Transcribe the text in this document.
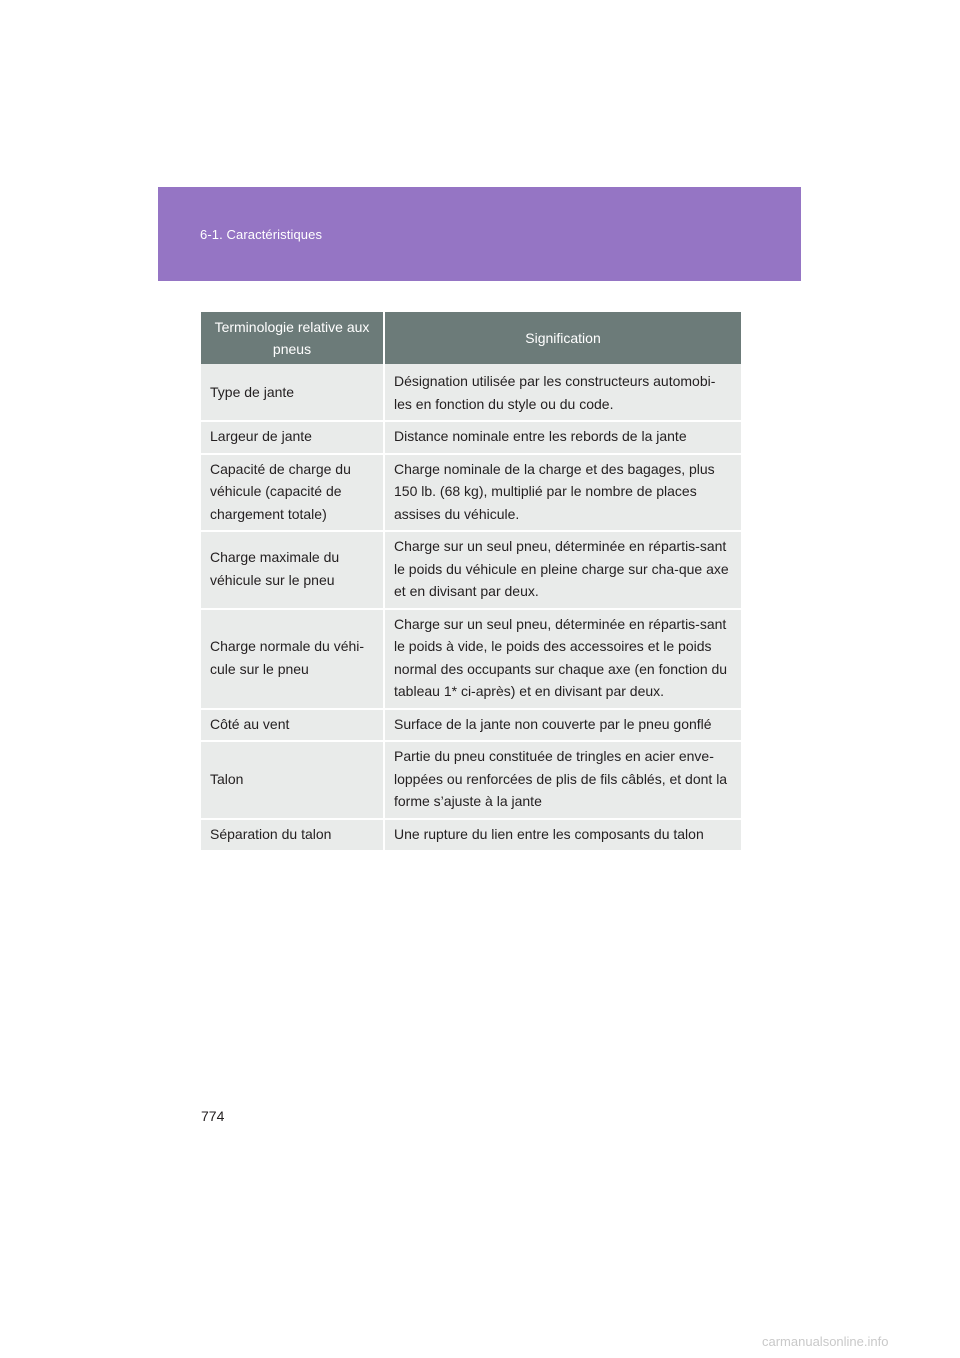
6-1. Caractéristiques
Terminologie relative aux pneus	Signification
Type de jante	Désignation utilisée par les constructeurs automobi-les en fonction du style ou du code.
Largeur de jante	Distance nominale entre les rebords de la jante
Capacité de charge du véhicule (capacité de chargement totale)	Charge nominale de la charge et des bagages, plus 150 lb. (68 kg), multiplié par le nombre de places assises du véhicule.
Charge maximale du véhicule sur le pneu	Charge sur un seul pneu, déterminée en répartis-sant le poids du véhicule en pleine charge sur cha-que axe et en divisant par deux.
Charge normale du véhi-cule sur le pneu	Charge sur un seul pneu, déterminée en répartis-sant le poids à vide, le poids des accessoires et le poids normal des occupants sur chaque axe (en fonction du tableau 1* ci-après) et en divisant par deux.
Côté au vent	Surface de la jante non couverte par le pneu gonflé
Talon	Partie du pneu constituée de tringles en acier enve-loppées ou renforcées de plis de fils câblés, et dont la forme s’ajuste à la jante
Séparation du talon	Une rupture du lien entre les composants du talon
774
carmanualsonline.info
